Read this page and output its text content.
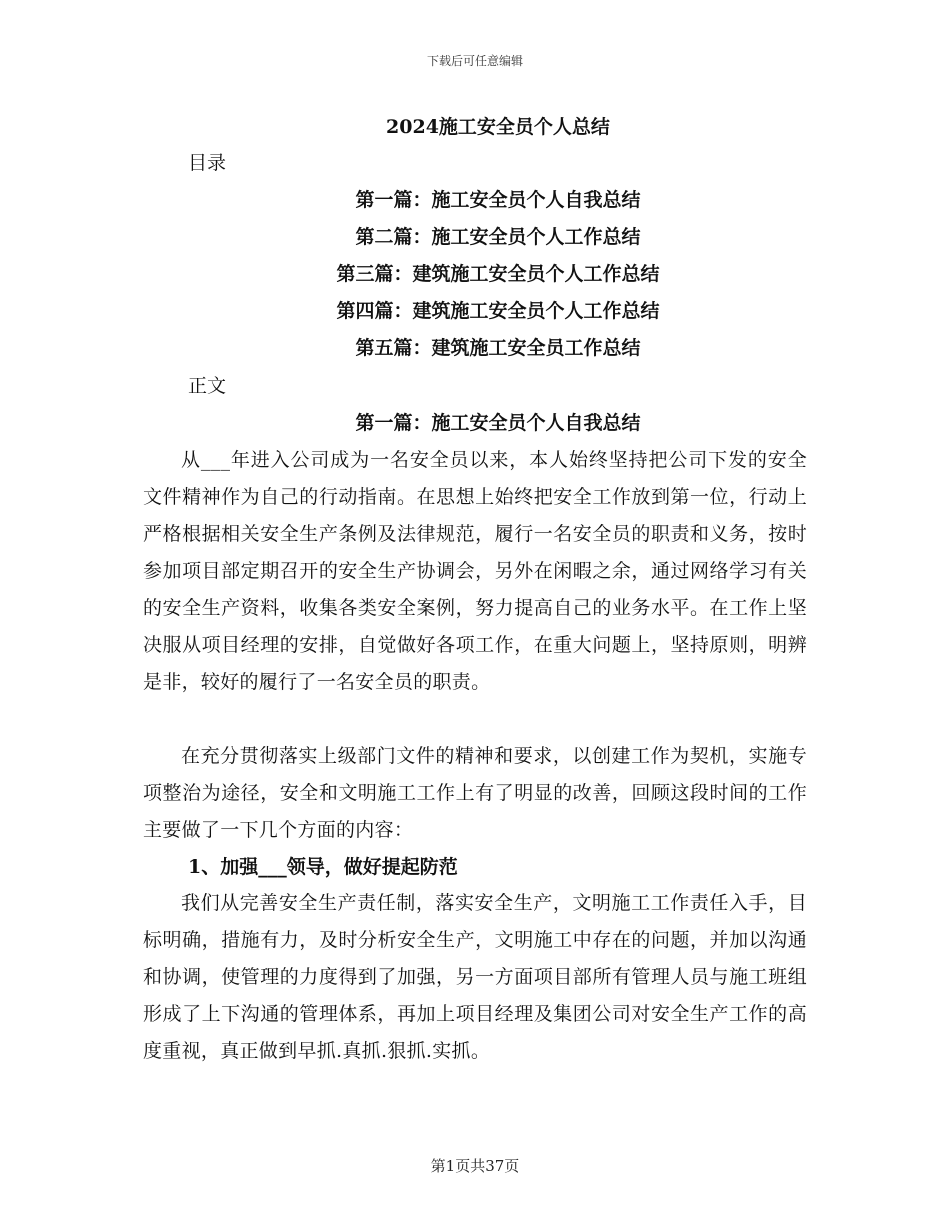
下载后可任意编辑
2024施工安全员个人总结
目录
第一篇：施工安全员个人自我总结
第二篇：施工安全员个人工作总结
第三篇：建筑施工安全员个人工作总结
第四篇：建筑施工安全员个人工作总结
第五篇：建筑施工安全员工作总结
正文
第一篇：施工安全员个人自我总结

从___年进入公司成为一名安全员以来，本人始终坚持把公司下发的安全文件精神作为自己的行动指南。在思想上始终把安全工作放到第一位，行动上严格根据相关安全生产条例及法律规范，履行一名安全员的职责和义务，按时参加项目部定期召开的安全生产协调会，另外在闲暇之余，通过网络学习有关的安全生产资料，收集各类安全案例，努力提高自己的业务水平。在工作上坚决服从项目经理的安排，自觉做好各项工作，在重大问题上，坚持原则，明辨是非，较好的履行了一名安全员的职责。

在充分贯彻落实上级部门文件的精神和要求，以创建工作为契机，实施专项整治为途径，安全和文明施工工作上有了明显的改善，回顾这段时间的工作主要做了一下几个方面的内容：

1、加强___领导，做好提起防范

我们从完善安全生产责任制，落实安全生产，文明施工工作责任入手，目标明确，措施有力，及时分析安全生产，文明施工中存在的问题，并加以沟通和协调，使管理的力度得到了加强，另一方面项目部所有管理人员与施工班组形成了上下沟通的管理体系，再加上项目经理及集团公司对安全生产工作的高度重视，真正做到早抓.真抓.狠抓.实抓。

第1页共37页
